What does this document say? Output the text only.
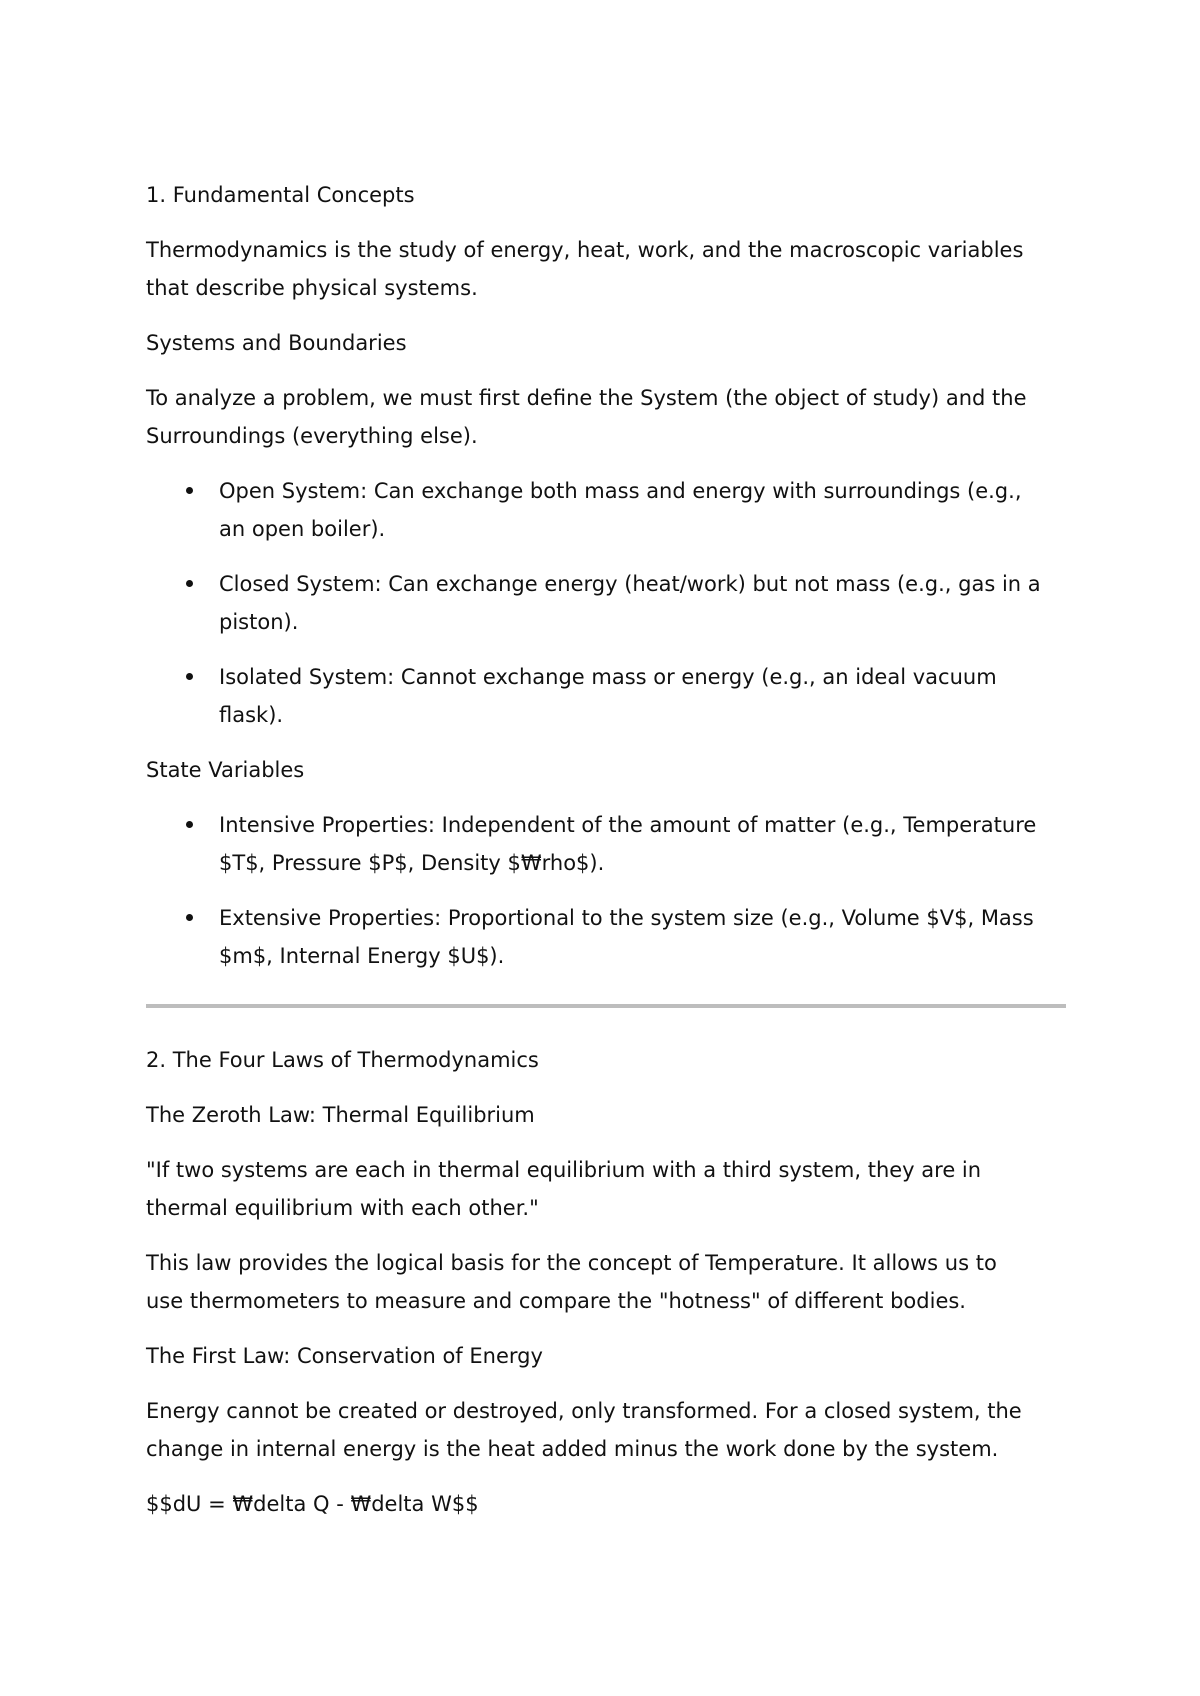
1. Fundamental Concepts

Thermodynamics is the study of energy, heat, work, and the macroscopic variables

that describe physical systems.

Systems and Boundaries

To analyze a problem, we must first define the System (the object of study) and the

Surroundings (everything else).

Open System: Can exchange both mass and energy with surroundings (e.g.,

an open boiler).

Closed System: Can exchange energy (heat/work) but not mass (e.g., gas in a

piston).

Isolated System: Cannot exchange mass or energy (e.g., an ideal vacuum

flask).

State Variables

Intensive Properties: Independent of the amount of matter (e.g., Temperature

$T$, Pressure $P$, Density $₩rho$).

Extensive Properties: Proportional to the system size (e.g., Volume $V$, Mass

$m$, Internal Energy $U$).

2. The Four Laws of Thermodynamics

The Zeroth Law: Thermal Equilibrium

"If two systems are each in thermal equilibrium with a third system, they are in

thermal equilibrium with each other."

This law provides the logical basis for the concept of Temperature. It allows us to

use thermometers to measure and compare the "hotness" of different bodies.

The First Law: Conservation of Energy

Energy cannot be created or destroyed, only transformed. For a closed system, the

change in internal energy is the heat added minus the work done by the system.

$$dU = ₩delta Q - ₩delta W$$
